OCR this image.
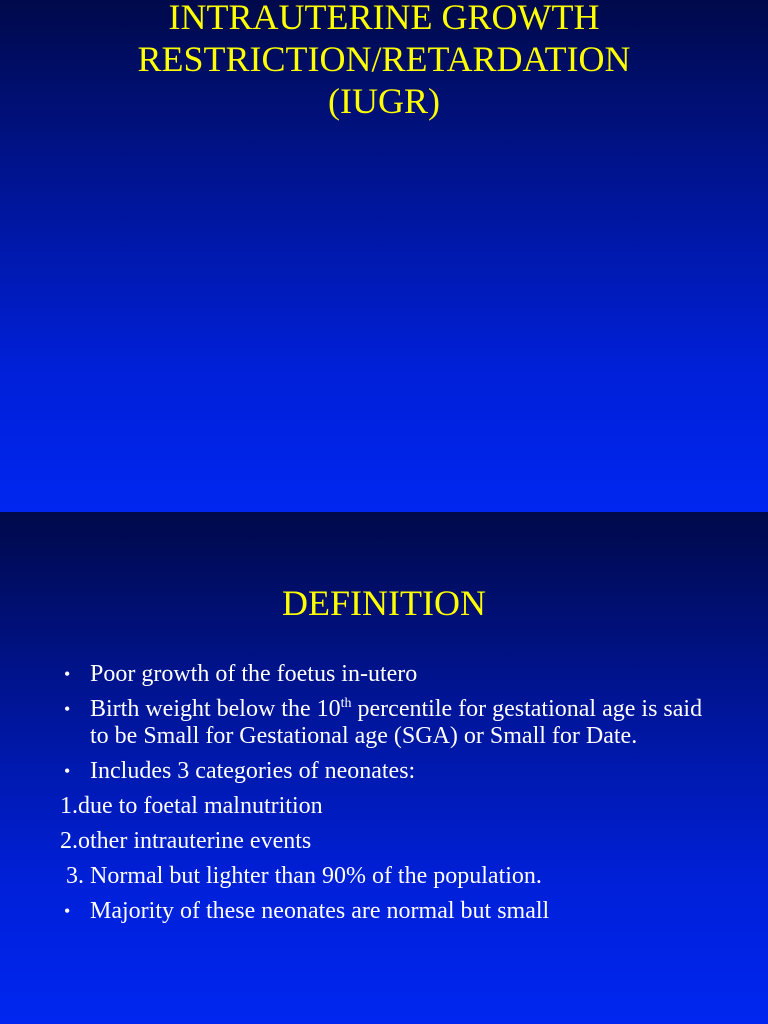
INTRAUTERINE GROWTH
RESTRICTION/RETARDATION
(IUGR)
DEFINITION
• Poor growth of the foetus in-utero
• Birth weight below the 10th percentile for gestational age is said to be Small for Gestational age (SGA) or Small for Date.
• Includes 3 categories of neonates:
1.due to foetal malnutrition
2.other intrauterine events
3. Normal but lighter than 90% of the population.
• Majority of these neonates are normal but small
